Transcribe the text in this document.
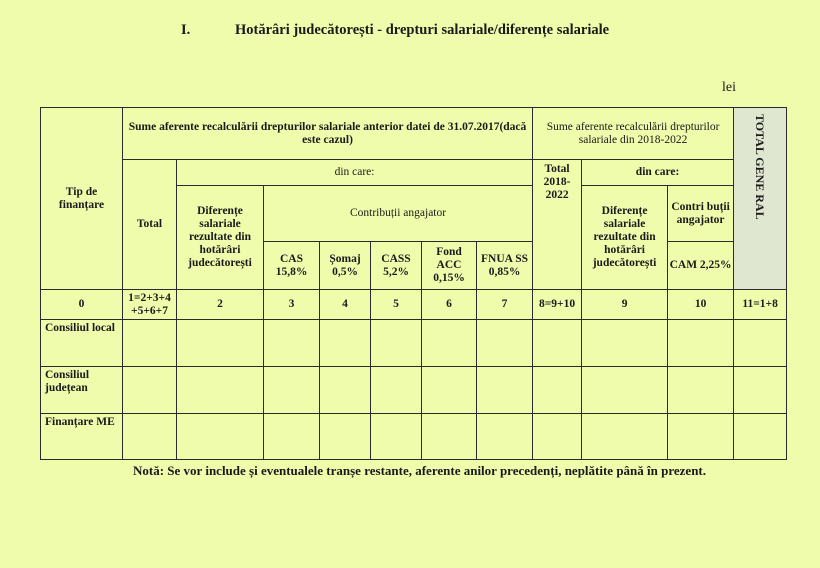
I.	Hotărâri judecătorești - drepturi salariale/diferențe salariale
lei
Tip de finanțare	Sume aferente recalculării drepturilor salariale anterior datei de 31.07.2017(dacă este cazul)							Sume aferente recalculării drepturilor salariale din 2018-2022			TOTAL GENE RAL
	Total	din care:						Total 2018-2022	din care:		
		Diferențe salariale rezultate din hotărâri judecătorești	Contribuții angajator						Diferențe salariale rezultate din hotărâri judecătorești	Contri buții angajator	
			CAS 15,8%	Șomaj 0,5%	CASS 5,2%	Fond ACC 0,15%	FNUA SS 0,85%			CAM 2,25%	
0	1=2+3+4 +5+6+7	2	3	4	5	6	7	8=9+10	9	10	11=1+8
Consiliul local											
Consiliul județean											
Finanțare ME											
Notă: Se vor include și eventualele tranșe restante, aferente anilor precedenți, neplătite până în prezent.
